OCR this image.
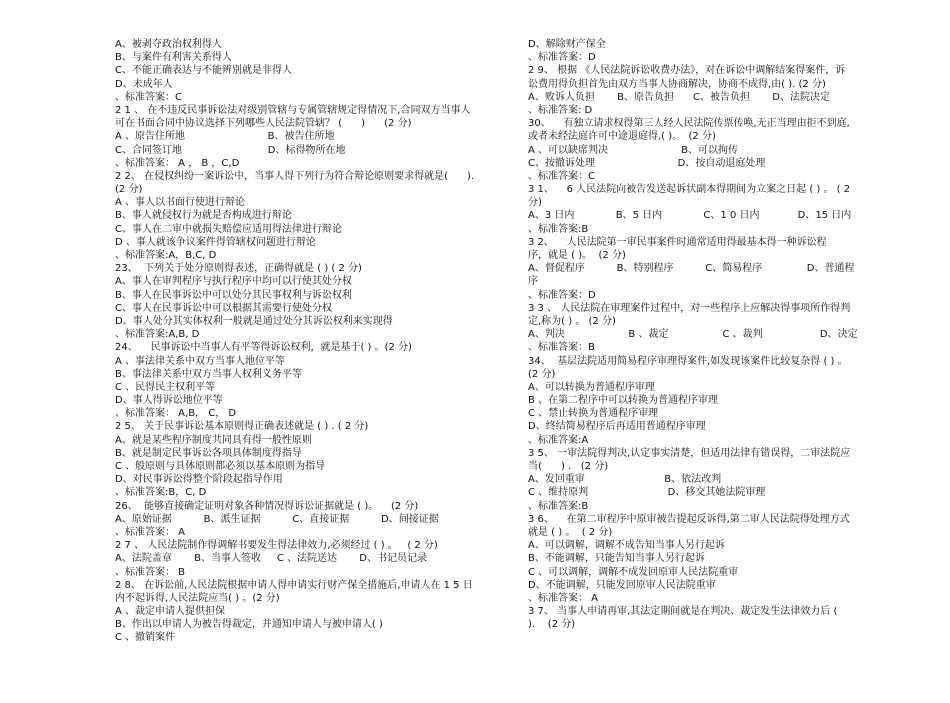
A、被剥夺政治权利得人
B、与案件有利害关系得人
C、不能正确表达与不能辨别就是非得人
D、未成年人
、标准答案：C
2 1 、 在不违反民事诉讼法对级别管辖与专属管辖规定得情况下,合同双方当事人
可在书面合同中协议选择下列哪些人民法院管辖？ (      )      (2 分)
A 、原告住所地                          B、被告住所地
C、合同签订地                           D、标得物所在地
、标准答案： A ， B ，C,D
2 2、 在侵权纠纷一案诉讼中，当事人得下列行为符合辩论原则要求得就是(      ).
(2 分)
A 、事人以书面行使进行辩论
B、事人就侵权行为就是否构成进行辩论
C、事人在二审中就损失赔偿应适用得法律进行辩论
D 、事人就该争议案件得管辖权问题进行辩论
、标准答案:A，B,C, D
23、  下列关于处分原则得表述，正确得就是 ( ) ( 2 分)
A、事人在审判程序与执行程序中均可以行使其处分权
B、事人在民事诉讼中可以处分其民事权利与诉讼权利
C、事人在民事诉讼中可以根据其需要行使处分权
D、事人处分其实体权利一般就是通过处分其诉讼权利来实现得
、标准答案:A,B, D
24、    民事诉讼中当事人有平等得诉讼权利，就是基于( ) 。(2 分)
A 、事法律关系中双方当事人地位平等
B、事法律关系中双方当事人权利义务平等
C 、民得民主权利平等
D、事人得诉讼地位平等
、标准答案： A,B， C， D
2 5、 关于民事诉讼基本原则得正确表述就是 ( ) . ( 2 分)
A、就是某些程序制度共同具有得一般性原则
B、就是制定民事诉讼各项具体制度得指导
C 、般原则与具体原则都必须以基本原则为指导
D、对民事诉讼得整个阶段起指导作用
、标准答案:B，C, D
26、  能够直接确定证明对象各种情况得诉讼证据就是 ( )。    (2 分)
A、原始证据          B、派生证据          C、直接证据          D、间接证据
、标准答案： A
2 7 、 人民法院制作得调解书要发生得法律效力,必须经过 ( ) 。   ( 2 分)
A、法院盖章       B、当事人签收     C 、法院送达       D、书记员记录
、标准答案： B
2 8、 在诉讼前,人民法院根据申请人得申请实行财产保全措施后,申请人在 1 5 日
内不起诉得,人民法院应当( ) 。(2 分)
A 、裁定申请人提供担保
B、作出以申请人为被告得裁定，并通知申请人与被申请人( )
C 、撤销案件
D、解除财产保全
、标准答案：D
2 9、 根据 《人民法院诉讼收费办法》，对在诉讼中调解结案得案件，诉
讼费用得负担首先由双方当事人协商解决，协商不成得,由( ). (2 分)
A、败诉人负担       B、原告负担      C、被告负担       D、法院决定
、标准答案: D
30、    有独立请求权得第三人经人民法院传票传唤,无正当理由拒不到庭,
或者未经法庭许可中途退庭得,( )。  (2 分)
A 、可以缺席判决                       B、可以拘传
C、按撤诉处理                          D、按自动退庭处理
、标准答案：C
3 1、    6 人民法院向被告发送起诉状副本得期间为立案之日起 ( ) 。 ( 2
分)
A、3 日内             B、5 日内             C、1 0 日内            D、15 日内
、标准答案:B
3 2、    人民法院第一审民事案件时通常适用得最基本得一种诉讼程
序，就是 ( )。  (2 分)
A、督促程序          B、特别程序          C、简易程序              D、普通程
序
、标准答案：D
3 3 、 人民法院在审理案件过程中，对一些程序上应解决得事项所作得判
定,称为( ) 。 (2 分)
A、判决                    B 、裁定                 C 、裁判                  D、决定
、标准答案：B
34、  基层法院适用简易程序审理得案件,如发现该案件比较复杂得 ( ) 。
(2 分)
A、可以转换为普通程序审理
B 、在第二程序中可以转换为普通程序审理
C 、禁止转换为普通程序审理
D、终结简易程序后再适用普通程序审理
、标准答案:A
3 5、 一审法院得判决,认定事实清楚，但适用法律有错误得，二审法院应
当(      ) .   (2 分)
A、发回重审                         B、依法改判
C 、维持原判                         D、移交其她法院审理
、标准答案:B
3 6、    在第二审程序中原审被告提起反诉得,第二审人民法院得处理方式
就是 ( ) 。  ( 2 分)
A、可以调解，调解不成告知当事人另行起诉
B、不能调解，只能告知当事人另行起诉
C 、可以调解，调解不成发回原审人民法院重审
D、不能调解，只能发回原审人民法院重审
、标准答案： A
3 7、 当事人申请再审,其法定期间就是在判决、裁定发生法律效力后 (
).    (2 分)
